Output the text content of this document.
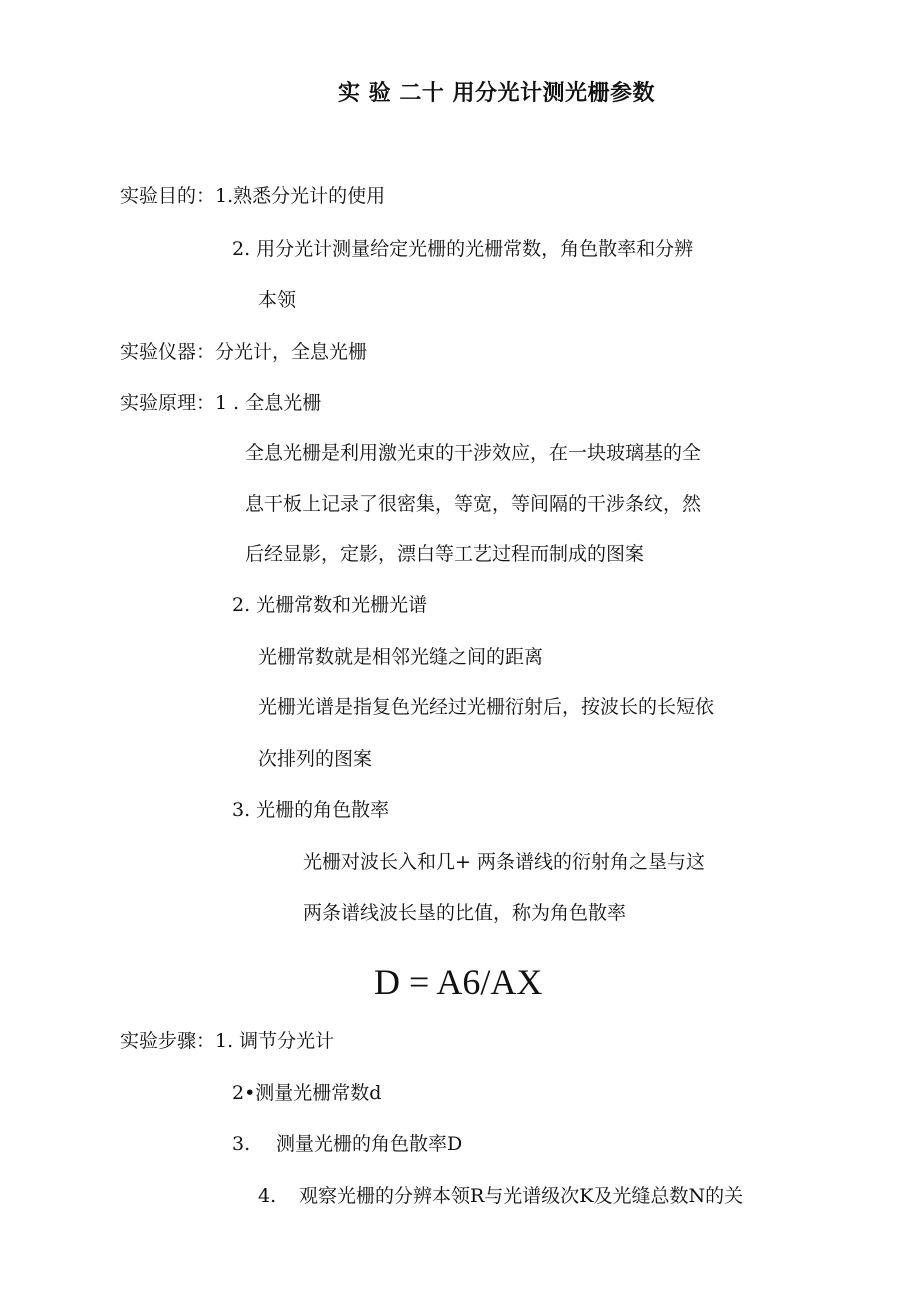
实 验 二十 用分光计测光栅参数
实验目的： 1.熟悉分光计的使用
2. 用分光计测量给定光栅的光栅常数，角色散率和分辨
本领
实验仪器： 分光计，全息光栅
实验原理： 1 . 全息光栅
全息光栅是利用激光束的干涉效应，在一块玻璃基的全
息干板上记录了很密集，等宽，等间隔的干涉条纹，然
后经显影，定影，漂白等工艺过程而制成的图案
2. 光栅常数和光栅光谱
光栅常数就是相邻光缝之间的距离
光栅光谱是指复色光经过光栅衍射后，按波长的长短依
次排列的图案
3. 光栅的角色散率
光栅对波长入和几+ 两条谱线的衍射角之垦与这
两条谱线波长垦的比值，称为角色散率
D = A6/AX
实验步骤： 1. 调节分光计
2•测量光栅常数d
3. 测量光栅的角色散率D
4. 观察光栅的分辨本领R与光谱级次K及光缝总数N的关
